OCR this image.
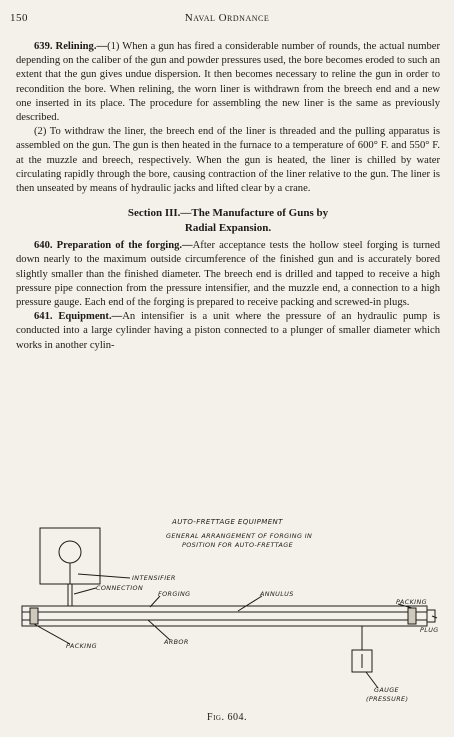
150	Naval Ordnance

639. Relining.—(1) When a gun has fired a considerable number of rounds, the actual number depending on the caliber of the gun and powder pressures used, the bore becomes eroded to such an extent that the gun gives undue dispersion. It then becomes necessary to reline the gun in order to recondition the bore. When relining, the worn liner is withdrawn from the breech end and a new one inserted in its place. The procedure for assembling the new liner is the same as previously described.

(2) To withdraw the liner, the breech end of the liner is threaded and the pulling apparatus is assembled on the gun. The gun is then heated in the furnace to a temperature of 600° F. and 550° F. at the muzzle and breech, respectively. When the gun is heated, the liner is chilled by water circulating rapidly through the bore, causing contraction of the liner relative to the gun. The liner is then unseated by means of hydraulic jacks and lifted clear by a crane.

Section III.—The Manufacture of Guns by
Radial Expansion.

640. Preparation of the forging.—After acceptance tests the hollow steel forging is turned down nearly to the maximum outside circumference of the finished gun and is accurately bored slightly smaller than the finished diameter. The breech end is drilled and tapped to receive a high pressure pipe connection from the pressure intensifier, and the muzzle end, a connection to a high pressure gauge. Each end of the forging is prepared to receive packing and screwed-in plugs.

641. Equipment.—An intensifier is a unit where the pressure of an hydraulic pump is conducted into a large cylinder having a piston connected to a plunger of smaller diameter which works in another cylin-

AUTO-FRETTAGE EQUIPMENT
GENERAL ARRANGEMENT OF FORGING IN
POSITION FOR AUTO-FRETTAGE
INTENSIFIER
CONNECTION
FORGING	ANNULUS
PACKING
PLUG
PACKING	ARBOR
GAUGE
(PRESSURE)
Fig. 604.
